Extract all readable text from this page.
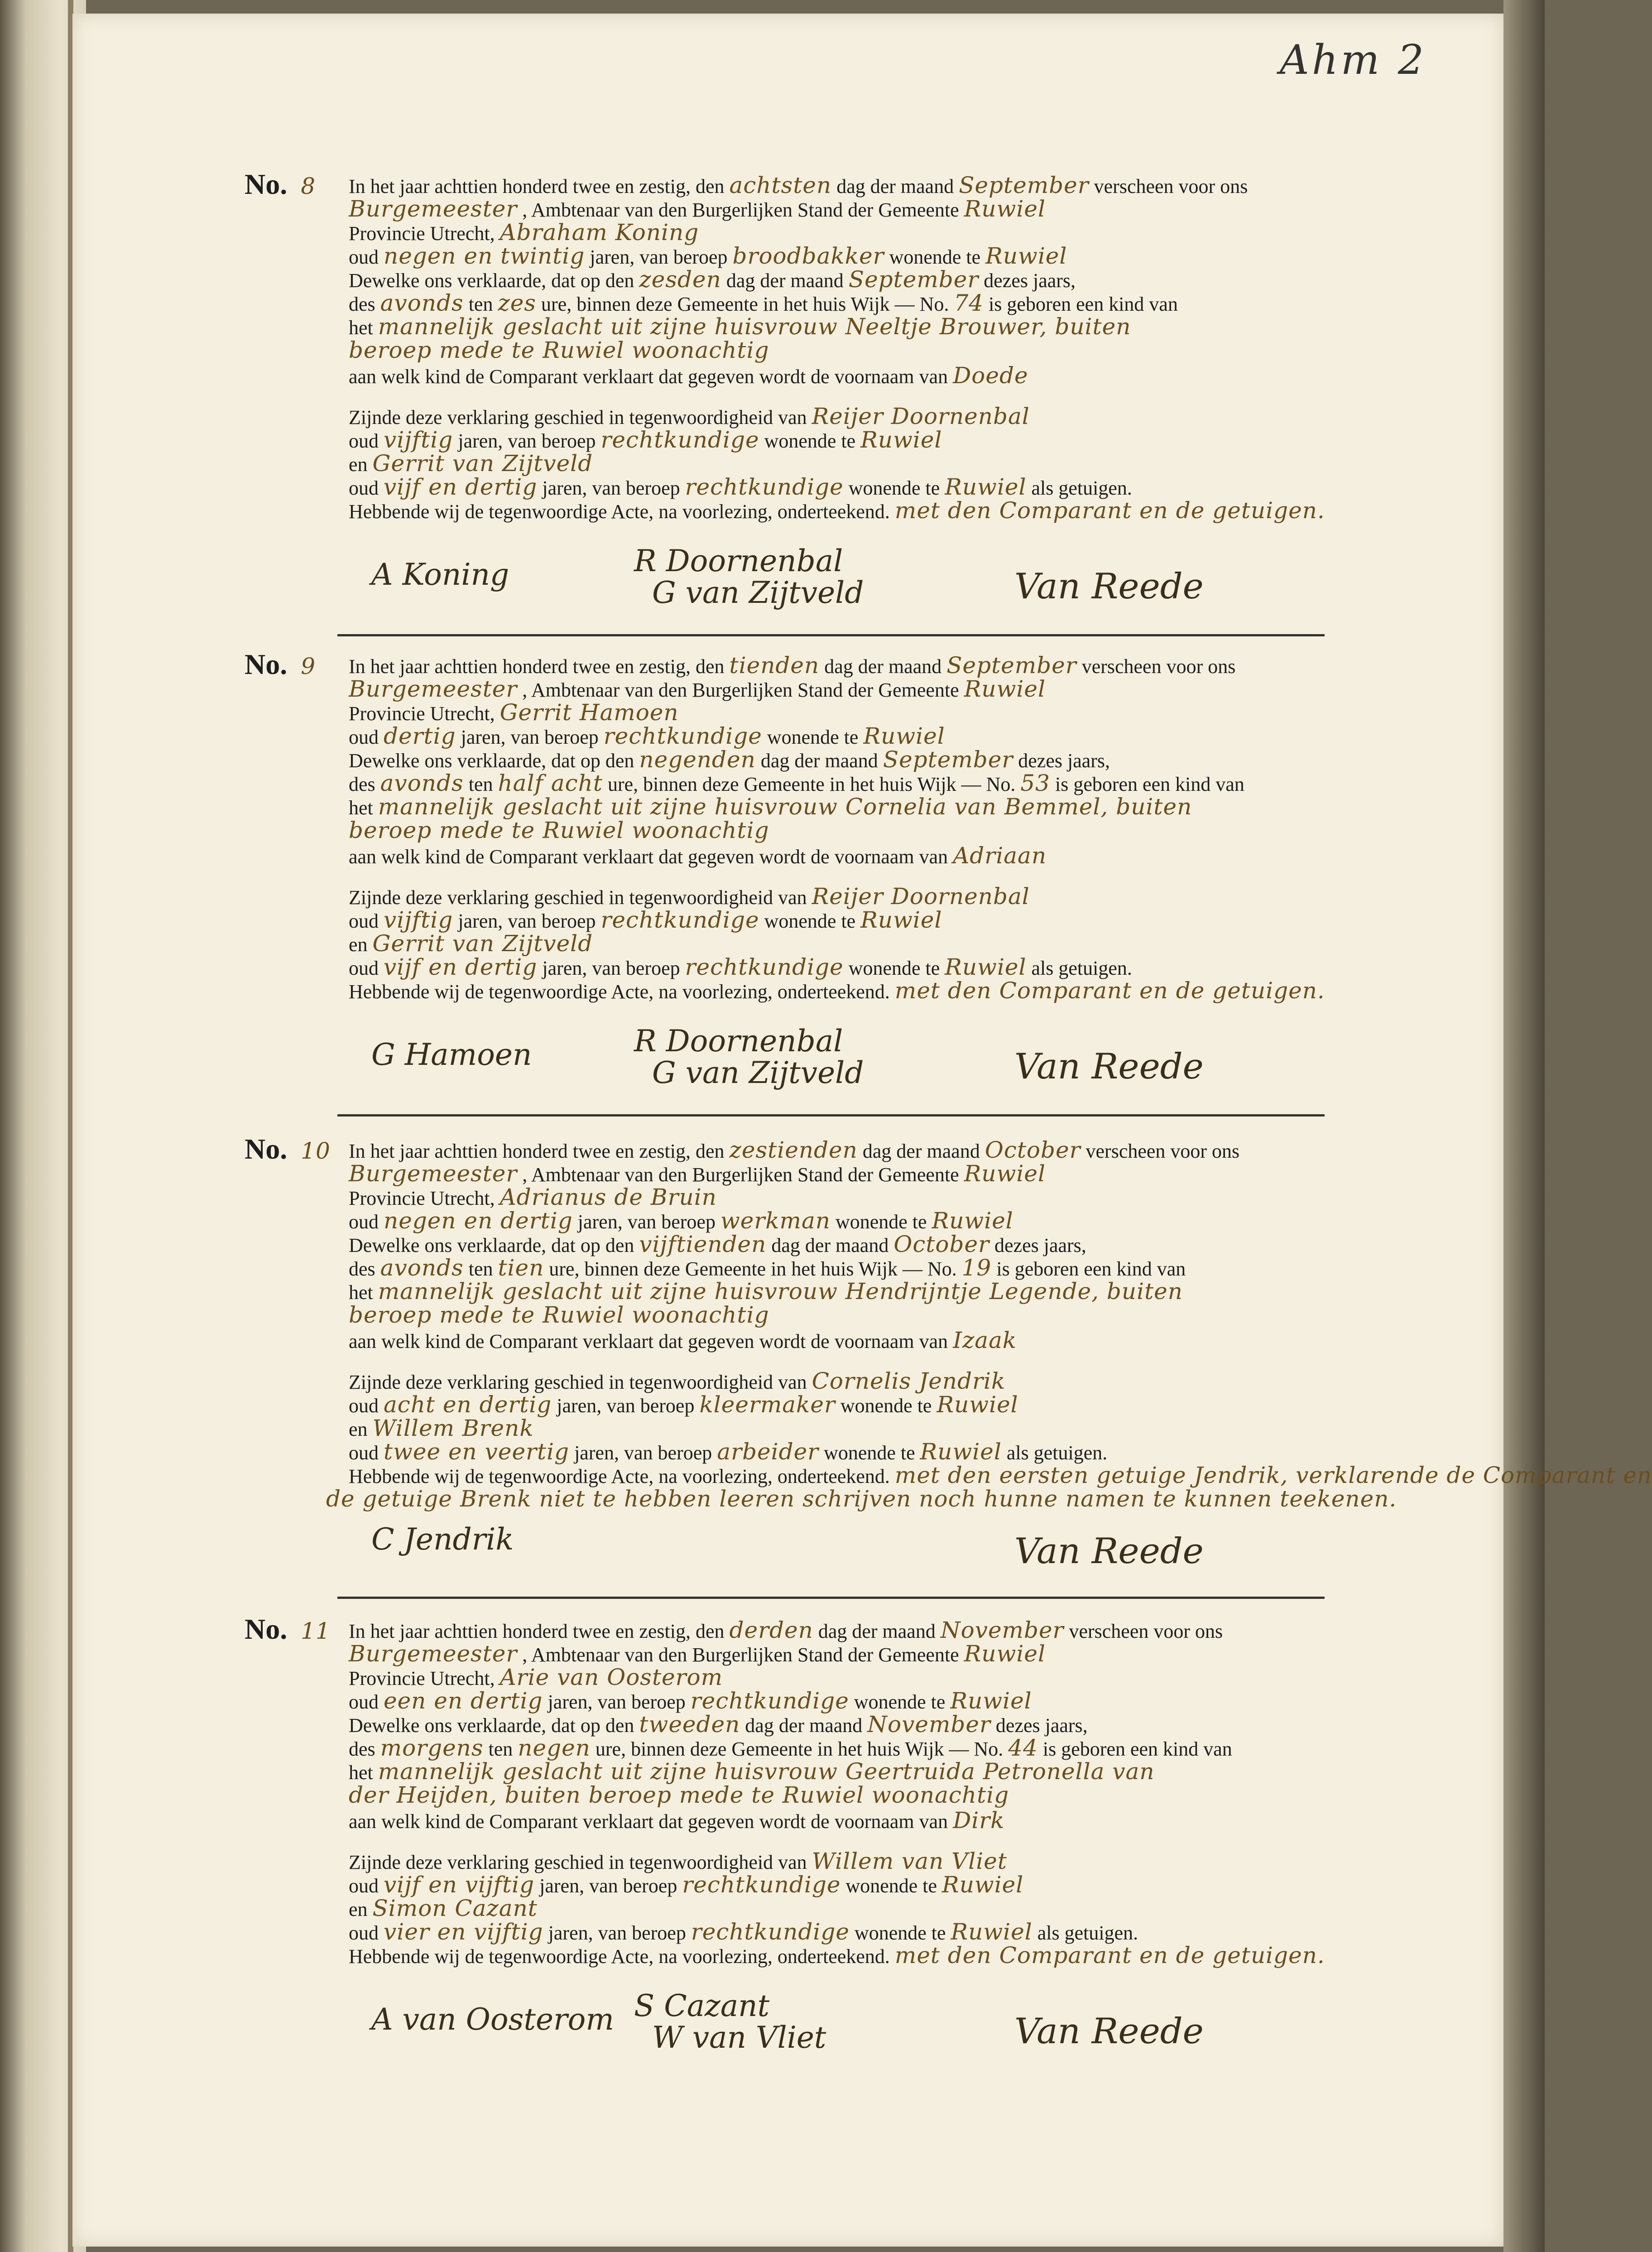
Ahm 2
No. 8 In het jaar achttien honderd twee en zestig, den achtsten dag der maand September verscheen voor ons
Burgemeester , Ambtenaar van den Burgerlijken Stand der Gemeente Ruwiel
Provincie Utrecht, Abraham Koning
oud negen en twintig jaren, van beroep broodbakker wonende te Ruwiel
Dewelke ons verklaarde, dat op den zesden dag der maand September dezes jaars,
des avonds ten zes ure, binnen deze Gemeente in het huis Wijk — No. 74 is geboren een kind van
het mannelijk geslacht uit zijne huisvrouw Neeltje Brouwer, buiten
beroep mede te Ruwiel woonachtig
aan welk kind de Comparant verklaart dat gegeven wordt de voornaam van Doede
Zijnde deze verklaring geschied in tegenwoordigheid van Reijer Doornenbal
oud vijftig jaren, van beroep rechtkundige wonende te Ruwiel
en Gerrit van Zijtveld
oud vijf en dertig jaren, van beroep rechtkundige wonende te Ruwiel als getuigen.
Hebbende wij de tegenwoordige Acte, na voorlezing, onderteekend. met den Comparant en de getuigen.
A Koning	R Doornenbal
G van Zijtveld	Van Reede
No. 9 In het jaar achttien honderd twee en zestig, den tienden dag der maand September verscheen voor ons
Burgemeester , Ambtenaar van den Burgerlijken Stand der Gemeente Ruwiel
Provincie Utrecht, Gerrit Hamoen
oud dertig jaren, van beroep rechtkundige wonende te Ruwiel
Dewelke ons verklaarde, dat op den negenden dag der maand September dezes jaars,
des avonds ten half acht ure, binnen deze Gemeente in het huis Wijk — No. 53 is geboren een kind van
het mannelijk geslacht uit zijne huisvrouw Cornelia van Bemmel, buiten
beroep mede te Ruwiel woonachtig
aan welk kind de Comparant verklaart dat gegeven wordt de voornaam van Adriaan
Zijnde deze verklaring geschied in tegenwoordigheid van Reijer Doornenbal
oud vijftig jaren, van beroep rechtkundige wonende te Ruwiel
en Gerrit van Zijtveld
oud vijf en dertig jaren, van beroep rechtkundige wonende te Ruwiel als getuigen.
Hebbende wij de tegenwoordige Acte, na voorlezing, onderteekend. met den Comparant en de getuigen.
G Hamoen	R Doornenbal
G van Zijtveld	Van Reede
No. 10 In het jaar achttien honderd twee en zestig, den zestienden dag der maand October verscheen voor ons
Burgemeester , Ambtenaar van den Burgerlijken Stand der Gemeente Ruwiel
Provincie Utrecht, Adrianus de Bruin
oud negen en dertig jaren, van beroep werkman wonende te Ruwiel
Dewelke ons verklaarde, dat op den vijftienden dag der maand October dezes jaars,
des avonds ten tien ure, binnen deze Gemeente in het huis Wijk — No. 19 is geboren een kind van
het mannelijk geslacht uit zijne huisvrouw Hendrijntje Legende, buiten
beroep mede te Ruwiel woonachtig
aan welk kind de Comparant verklaart dat gegeven wordt de voornaam van Izaak
Zijnde deze verklaring geschied in tegenwoordigheid van Cornelis Jendrik
oud acht en dertig jaren, van beroep kleermaker wonende te Ruwiel
en Willem Brenk
oud twee en veertig jaren, van beroep arbeider wonende te Ruwiel als getuigen.
Hebbende wij de tegenwoordige Acte, na voorlezing, onderteekend. met den eersten getuige Jendrik, verklarende de Comparant en
de getuige Brenk niet te hebben leeren schrijven noch hunne namen te kunnen teekenen.
C Jendrik	Van Reede
No. 11 In het jaar achttien honderd twee en zestig, den derden dag der maand November verscheen voor ons
Burgemeester , Ambtenaar van den Burgerlijken Stand der Gemeente Ruwiel
Provincie Utrecht, Arie van Oosterom
oud een en dertig jaren, van beroep rechtkundige wonende te Ruwiel
Dewelke ons verklaarde, dat op den tweeden dag der maand November dezes jaars,
des morgens ten negen ure, binnen deze Gemeente in het huis Wijk — No. 44 is geboren een kind van
het mannelijk geslacht uit zijne huisvrouw Geertruida Petronella van
der Heijden, buiten beroep mede te Ruwiel woonachtig
aan welk kind de Comparant verklaart dat gegeven wordt de voornaam van Dirk
Zijnde deze verklaring geschied in tegenwoordigheid van Willem van Vliet
oud vijf en vijftig jaren, van beroep rechtkundige wonende te Ruwiel
en Simon Cazant
oud vier en vijftig jaren, van beroep rechtkundige wonende te Ruwiel als getuigen.
Hebbende wij de tegenwoordige Acte, na voorlezing, onderteekend. met den Comparant en de getuigen.
A van Oosterom S Cazant
W van Vliet	Van Reede
